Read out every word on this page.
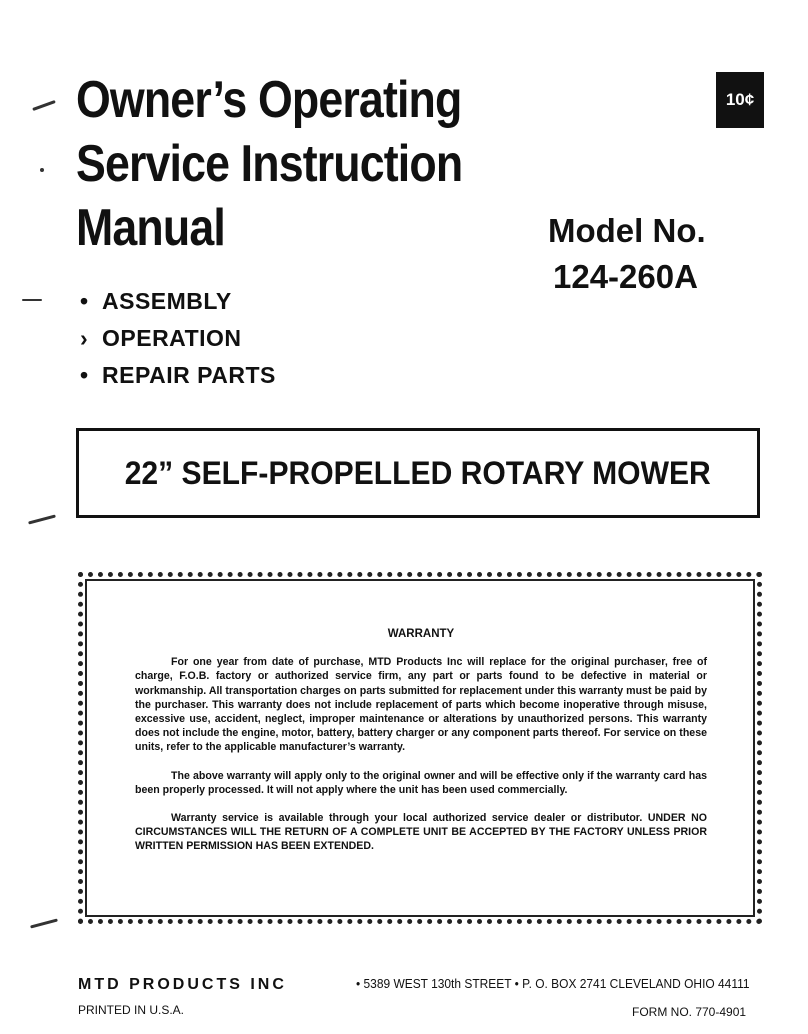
Owner’s Operating
Service Instruction
Manual
10¢
Model No.
124-260A
• ASSEMBLY
› OPERATION
• REPAIR PARTS
22” SELF-PROPELLED ROTARY MOWER
WARRANTY

For one year from date of purchase, MTD Products Inc will replace for the original purchaser, free of charge, F.O.B. factory or authorized service firm, any part or parts found to be defective in material or workmanship. All transportation charges on parts submitted for replacement under this warranty must be paid by the purchaser. This warranty does not include replacement of parts which become inoperative through misuse, excessive use, accident, neglect, improper maintenance or alterations by unauthorized persons. This warranty does not include the engine, motor, battery, battery charger or any component parts thereof. For service on these units, refer to the applicable manufacturer’s warranty.

The above warranty will apply only to the original owner and will be effective only if the warranty card has been properly processed. It will not apply where the unit has been used commercially.

Warranty service is available through your local authorized service dealer or distributor. UNDER NO CIRCUMSTANCES WILL THE RETURN OF A COMPLETE UNIT BE ACCEPTED BY THE FACTORY UNLESS PRIOR WRITTEN PERMISSION HAS BEEN EXTENDED.

MTD PRODUCTS INC	• 5389 WEST 130th STREET • P. O. BOX 2741 CLEVELAND OHIO 44111
PRINTED IN U.S.A.	FORM NO. 770-4901
